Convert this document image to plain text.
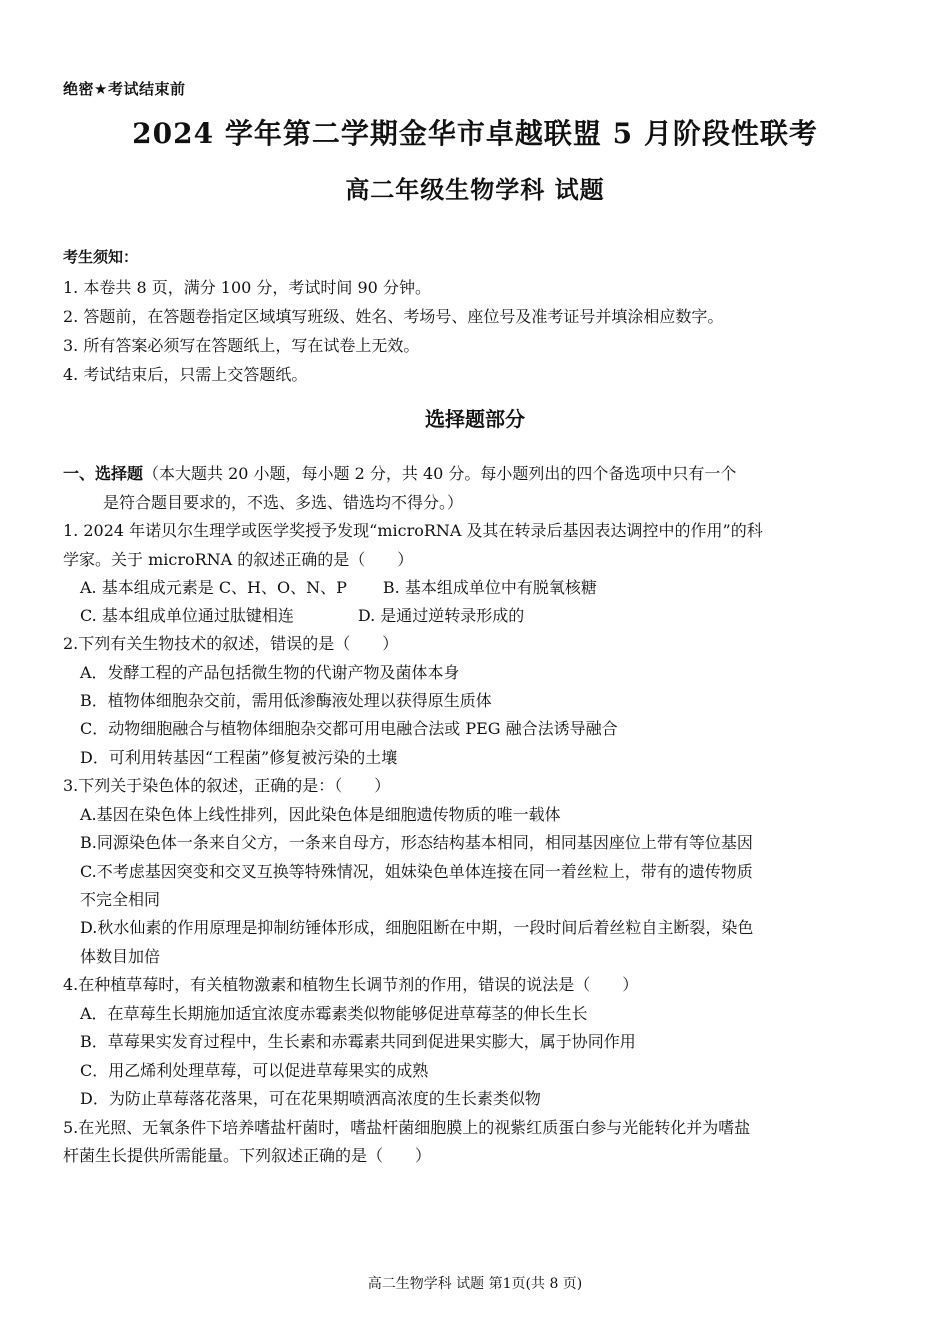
绝密★考试结束前
2024 学年第二学期金华市卓越联盟 5 月阶段性联考
高二年级生物学科 试题
考生须知：
1. 本卷共 8 页，满分 100 分，考试时间 90 分钟。
2. 答题前，在答题卷指定区域填写班级、姓名、考场号、座位号及准考证号并填涂相应数字。
3. 所有答案必须写在答题纸上，写在试卷上无效。
4. 考试结束后，只需上交答题纸。
选择题部分
一、选择题（本大题共 20 小题，每小题 2 分，共 40 分。每小题列出的四个备选项中只有一个
是符合题目要求的，不选、多选、错选均不得分。）
1. 2024 年诺贝尔生理学或医学奖授予发现“microRNA 及其在转录后基因表达调控中的作用”的科
学家。关于 microRNA 的叙述正确的是（　　）
A. 基本组成元素是 C、H、O、N、P B. 基本组成单位中有脱氧核糖
C. 基本组成单位通过肽键相连	D. 是通过逆转录形成的
2.下列有关生物技术的叙述，错误的是（　　）
A．发酵工程的产品包括微生物的代谢产物及菌体本身
B．植物体细胞杂交前，需用低渗酶液处理以获得原生质体
C．动物细胞融合与植物体细胞杂交都可用电融合法或 PEG 融合法诱导融合
D．可利用转基因“工程菌”修复被污染的土壤
3.下列关于染色体的叙述，正确的是：（　　）
A.基因在染色体上线性排列，因此染色体是细胞遗传物质的唯一载体
B.同源染色体一条来自父方，一条来自母方，形态结构基本相同，相同基因座位上带有等位基因
C.不考虑基因突变和交叉互换等特殊情况，姐妹染色单体连接在同一着丝粒上，带有的遗传物质
不完全相同
D.秋水仙素的作用原理是抑制纺锤体形成，细胞阻断在中期，一段时间后着丝粒自主断裂，染色
体数目加倍
4.在种植草莓时，有关植物激素和植物生长调节剂的作用，错误的说法是（　　）
A．在草莓生长期施加适宜浓度赤霉素类似物能够促进草莓茎的伸长生长
B．草莓果实发育过程中，生长素和赤霉素共同到促进果实膨大，属于协同作用
C．用乙烯利处理草莓，可以促进草莓果实的成熟
D．为防止草莓落花落果，可在花果期喷洒高浓度的生长素类似物
5.在光照、无氧条件下培养嗜盐杆菌时，嗜盐杆菌细胞膜上的视紫红质蛋白参与光能转化并为嗜盐
杆菌生长提供所需能量。下列叙述正确的是（　　）
高二生物学科 试题 第1页(共 8 页)
